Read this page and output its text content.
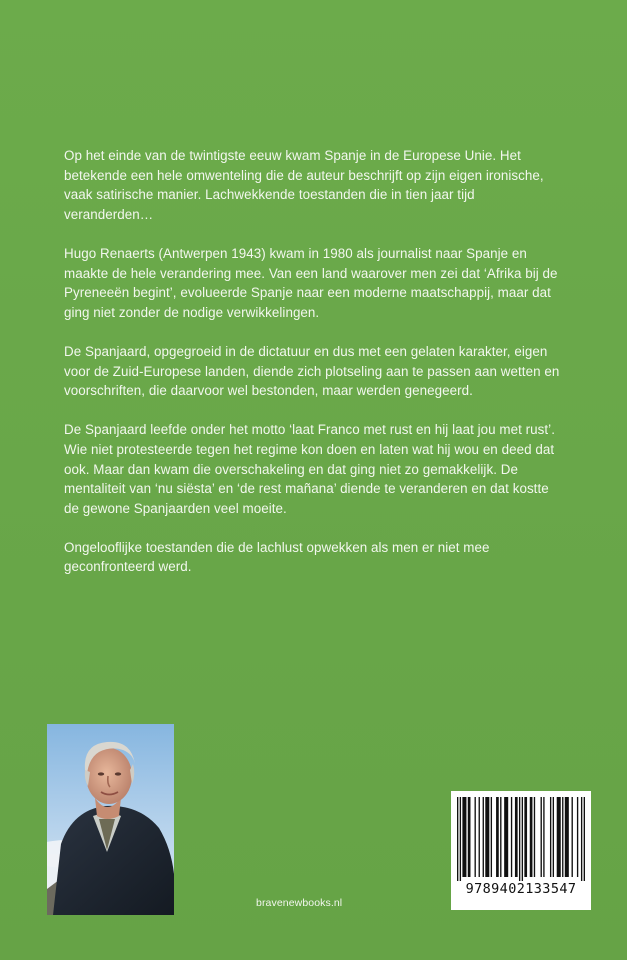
Op het einde van de twintigste eeuw kwam Spanje in de Europese Unie. Het betekende een hele omwenteling die de auteur beschrijft op zijn eigen ironische, vaak satirische manier. Lachwekkende toestanden die in tien jaar tijd veranderden…

Hugo Renaerts (Antwerpen 1943) kwam in 1980 als journalist naar Spanje en maakte de hele verandering mee. Van een land waarover men zei dat ‘Afrika bij de Pyreneeën begint’, evolueerde Spanje naar een moderne maatschappij, maar dat ging niet zonder de nodige verwikkelingen.

De Spanjaard, opgegroeid in de dictatuur en dus met een gelaten karakter, eigen voor de Zuid-Europese landen, diende zich plotseling aan te passen aan wetten en voorschriften, die daarvoor wel bestonden, maar werden genegeerd.

De Spanjaard leefde onder het motto ‘laat Franco met rust en hij laat jou met rust’. Wie niet protesteerde tegen het regime kon doen en laten wat hij wou en deed dat ook. Maar dan kwam die overschakeling en dat ging niet zo gemakkelijk. De mentaliteit van ‘nu siësta’ en ‘de rest mañana’ diende te veranderen en dat kostte de gewone Spanjaarden veel moeite.

Ongelooflijke toestanden die de lachlust opwekken als men er niet mee geconfronteerd werd.

bravenewbooks.nl
9789402133547
